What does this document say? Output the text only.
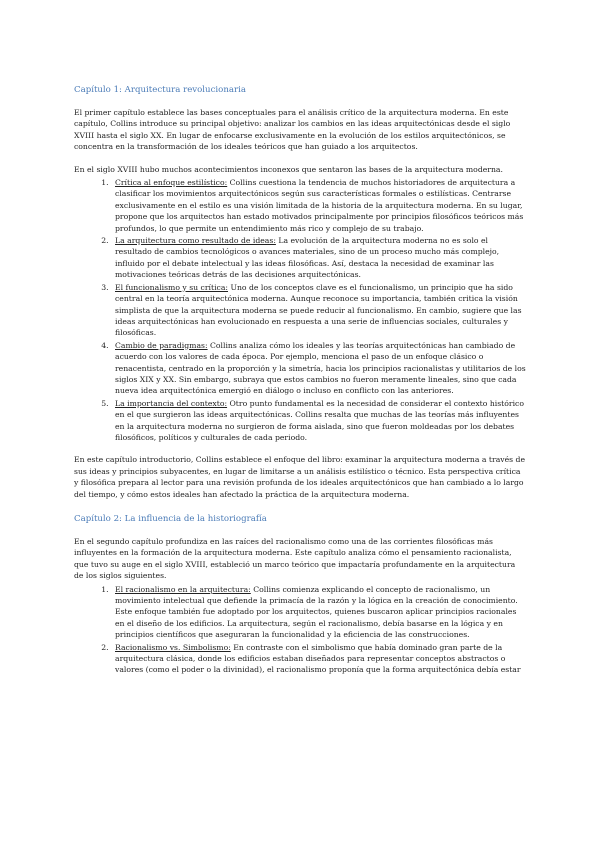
Capítulo 1: Arquitectura revolucionaria

El primer capítulo establece las bases conceptuales para el análisis crítico de la arquitectura moderna. En este capítulo, Collins introduce su principal objetivo: analizar los cambios en las ideas arquitectónicas desde el siglo XVIII hasta el siglo XX. En lugar de enfocarse exclusivamente en la evolución de los estilos arquitectónicos, se concentra en la transformación de los ideales teóricos que han guiado a los arquitectos.

En el siglo XVIII hubo muchos acontecimientos inconexos que sentaron las bases de la arquitectura moderna.

1. Crítica al enfoque estilístico: Collins cuestiona la tendencia de muchos historiadores de arquitectura a clasificar los movimientos arquitectónicos según sus características formales o estilísticas. Centrarse exclusivamente en el estilo es una visión limitada de la historia de la arquitectura moderna. En su lugar, propone que los arquitectos han estado motivados principalmente por principios filosóficos teóricos más profundos, lo que permite un entendimiento más rico y complejo de su trabajo.
2. La arquitectura como resultado de ideas: La evolución de la arquitectura moderna no es solo el resultado de cambios tecnológicos o avances materiales, sino de un proceso mucho más complejo, influido por el debate intelectual y las ideas filosóficas. Así, destaca la necesidad de examinar las motivaciones teóricas detrás de las decisiones arquitectónicas.
3. El funcionalismo y su crítica: Uno de los conceptos clave es el funcionalismo, un principio que ha sido central en la teoría arquitectónica moderna. Aunque reconoce su importancia, también critica la visión simplista de que la arquitectura moderna se puede reducir al funcionalismo. En cambio, sugiere que las ideas arquitectónicas han evolucionado en respuesta a una serie de influencias sociales, culturales y filosóficas.
4. Cambio de paradigmas: Collins analiza cómo los ideales y las teorías arquitectónicas han cambiado de acuerdo con los valores de cada época. Por ejemplo, menciona el paso de un enfoque clásico o renacentista, centrado en la proporción y la simetría, hacia los principios racionalistas y utilitarios de los siglos XIX y XX. Sin embargo, subraya que estos cambios no fueron meramente lineales, sino que cada nueva idea arquitectónica emergió en diálogo o incluso en conflicto con las anteriores.
5. La importancia del contexto: Otro punto fundamental es la necesidad de considerar el contexto histórico en el que surgieron las ideas arquitectónicas. Collins resalta que muchas de las teorías más influyentes en la arquitectura moderna no surgieron de forma aislada, sino que fueron moldeadas por los debates filosóficos, políticos y culturales de cada periodo.

En este capítulo introductorio, Collins establece el enfoque del libro: examinar la arquitectura moderna a través de sus ideas y principios subyacentes, en lugar de limitarse a un análisis estilístico o técnico. Esta perspectiva crítica y filosófica prepara al lector para una revisión profunda de los ideales arquitectónicos que han cambiado a lo largo del tiempo, y cómo estos ideales han afectado la práctica de la arquitectura moderna.

Capítulo 2: La influencia de la historiografía

En el segundo capítulo profundiza en las raíces del racionalismo como una de las corrientes filosóficas más influyentes en la formación de la arquitectura moderna. Este capítulo analiza cómo el pensamiento racionalista, que tuvo su auge en el siglo XVIII, estableció un marco teórico que impactaría profundamente en la arquitectura de los siglos siguientes.

1. El racionalismo en la arquitectura: Collins comienza explicando el concepto de racionalismo, un movimiento intelectual que defiende la primacía de la razón y la lógica en la creación de conocimiento. Este enfoque también fue adoptado por los arquitectos, quienes buscaron aplicar principios racionales en el diseño de los edificios. La arquitectura, según el racionalismo, debía basarse en la lógica y en principios científicos que aseguraran la funcionalidad y la eficiencia de las construcciones.
2. Racionalismo vs. Simbolismo: En contraste con el simbolismo que había dominado gran parte de la arquitectura clásica, donde los edificios estaban diseñados para representar conceptos abstractos o valores (como el poder o la divinidad), el racionalismo proponía que la forma arquitectónica debía estar
